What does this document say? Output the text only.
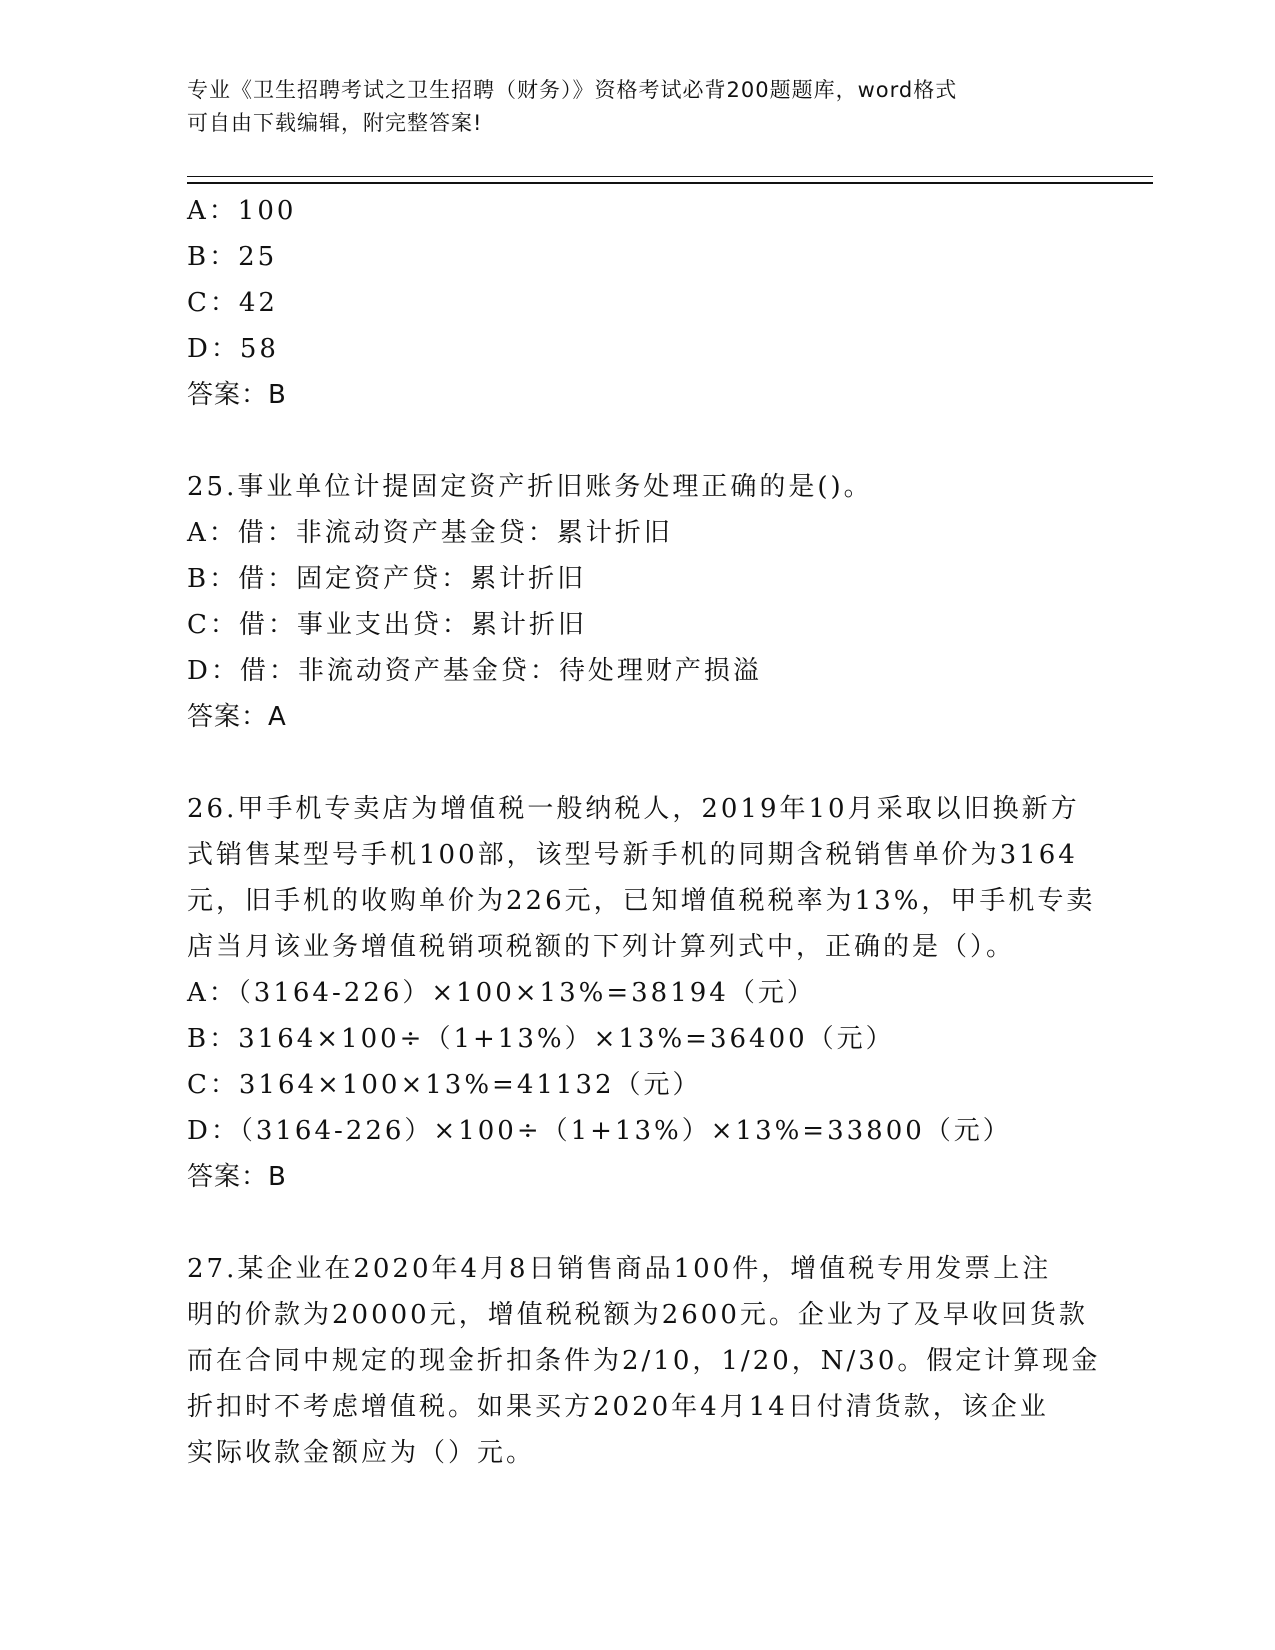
专业《卫生招聘考试之卫生招聘（财务）》资格考试必背200题题库，word格式
可自由下载编辑，附完整答案!
A：100
B：25
C：42
D：58
答案：B
25.事业单位计提固定资产折旧账务处理正确的是()。
A：借：非流动资产基金贷：累计折旧
B：借：固定资产贷：累计折旧
C：借：事业支出贷：累计折旧
D：借：非流动资产基金贷：待处理财产损溢
答案：A
26.甲手机专卖店为增值税一般纳税人，2019年10月采取以旧换新方
式销售某型号手机100部，该型号新手机的同期含税销售单价为3164
元，旧手机的收购单价为226元，已知增值税税率为13%，甲手机专卖
店当月该业务增值税销项税额的下列计算列式中，正确的是（）。
A：（3164-226）×100×13%=38194（元）
B：3164×100÷（1+13%）×13%=36400（元）
C：3164×100×13%=41132（元）
D：（3164-226）×100÷（1+13%）×13%=33800（元）
答案：B
27.某企业在2020年4月8日销售商品100件，增值税专用发票上注
明的价款为20000元，增值税税额为2600元。企业为了及早收回货款
而在合同中规定的现金折扣条件为2/10，1/20，N/30。假定计算现金
折扣时不考虑增值税。如果买方2020年4月14日付清货款，该企业
实际收款金额应为（）元。
